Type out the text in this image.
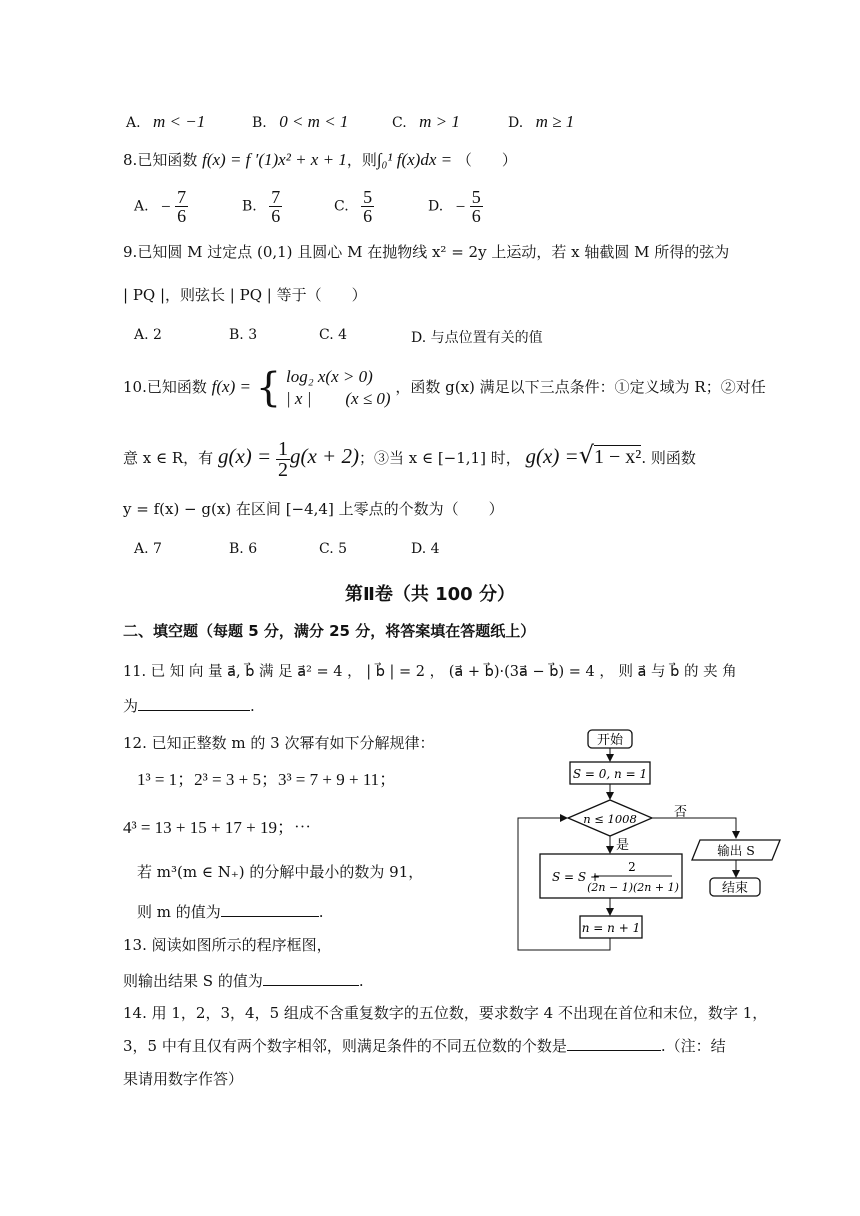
A. m < −1	B. 0 < m < 1	C. m > 1	D. m ≥ 1
8.已知函数 f(x) = f ′(1)x² + x + 1，则∫₀¹ f(x)dx = （　　）
A. − $\frac{7}{6}$	B. $\frac{7}{6}$	C. $\frac{5}{6}$	D. − $\frac{5}{6}$
9.已知圆 M 过定点 (0,1) 且圆心 M 在抛物线 x² = 2y 上运动，若 x 轴截圆 M 所得的弦为
| PQ |，则弦长 | PQ | 等于（　　）
A. 2	B. 3	C. 4	D. 与点位置有关的值
10.已知函数 f(x) = { log₂ x(x > 0)
| x |　　(x ≤ 0)
，函数 g(x) 满足以下三点条件：①定义域为 R；②对任
意 x ∈ R，有 $g(x) = \frac{1}{2} g(x + 2)$；③当 x ∈ [−1,1] 时， g(x) =√1 − x². 则函数
y = f(x) − g(x) 在区间 [−4,4] 上零点的个数为（　　）
A. 7	B. 6	C. 5	D. 4
第Ⅱ卷（共 100 分）
二、填空题（每题 5 分，满分 25 分，将答案填在答题纸上）
11. 已 知 向 量 a⃗, b⃗ 满 足 a⃗² = 4 ， | b⃗ | = 2 ， (a⃗ + b⃗)·(3a⃗ − b⃗) = 4 ， 则 a⃗ 与 b⃗ 的 夹 角
为	.
12. 已知正整数 m 的 3 次幂有如下分解规律：
1³ = 1；2³ = 3 + 5；3³ = 7 + 9 + 11；
4³ = 13 + 15 + 17 + 19；⋯
若 m³(m ∈ N₊) 的分解中最小的数为 91，
则 m 的值为	.
13. 阅读如图所示的程序框图，
则输出结果 S 的值为	.
14. 用 1，2，3，4，5 组成不含重复数字的五位数，要求数字 4 不出现在首位和末位，数字 1，
3，5 中有且仅有两个数字相邻，则满足条件的不同五位数的个数是	.（注：结
果请用数字作答）
开始
S = 0, n = 1
n ≤ 1008	否
输出 S
结束
是
S = S +
2
(2n − 1)(2n + 1)
n = n + 1
